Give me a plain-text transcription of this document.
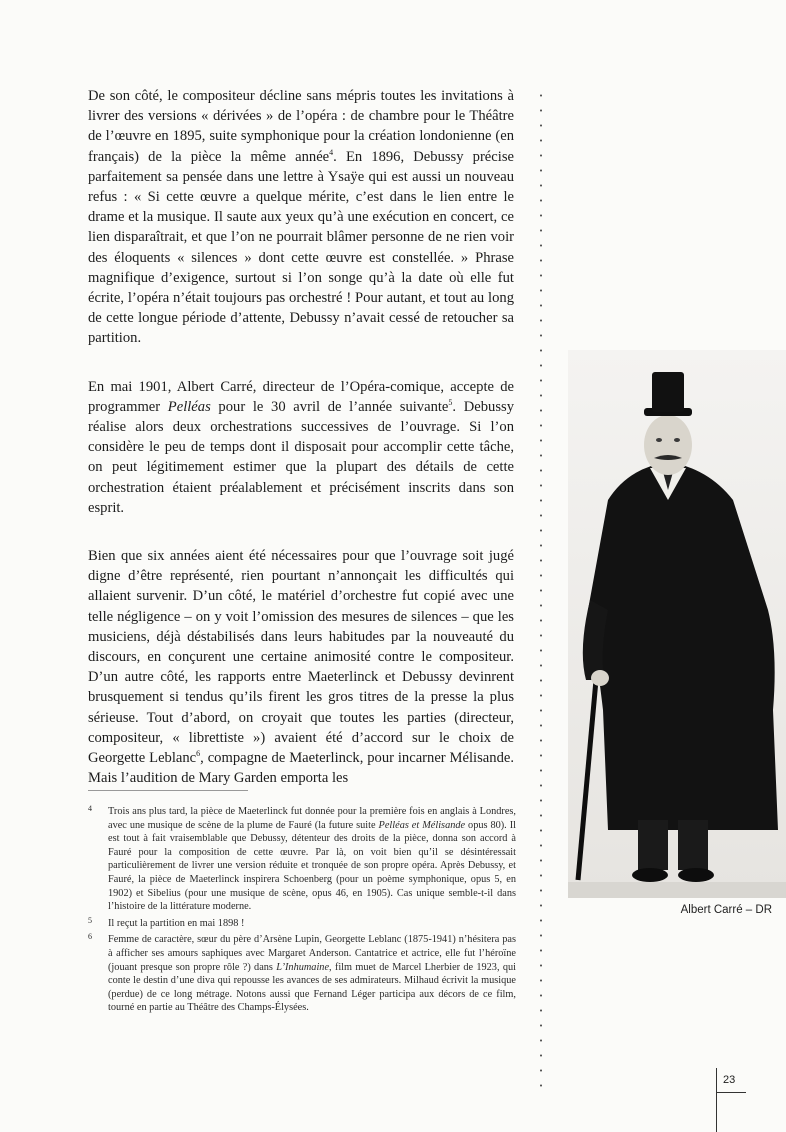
De son côté, le compositeur décline sans mépris toutes les invitations à livrer des versions « dérivées » de l’opéra : de chambre pour le Théâtre de l’œuvre en 1895, suite symphonique pour la création londonienne (en français) de la pièce la même année$^4$. En 1896, Debussy précise parfaitement sa pensée dans une lettre à Ysaÿe qui est aussi un nouveau refus : « Si cette œuvre a quelque mérite, c’est dans le lien entre le drame et la musique. Il saute aux yeux qu’à une exécution en concert, ce lien disparaîtrait, et que l’on ne pourrait blâmer personne de ne rien voir des éloquents « silences » dont cette œuvre est constellée. » Phrase magnifique d’exigence, surtout si l’on songe qu’à la date où elle fut écrite, l’opéra n’était toujours pas orchestré ! Pour autant, et tout au long de cette longue période d’attente, Debussy n’avait cessé de retoucher sa partition.

En mai 1901, Albert Carré, directeur de l’Opéra-comique, accepte de programmer Pelléas pour le 30 avril de l’année suivante$^5$. Debussy réalise alors deux orchestrations successives de l’ouvrage. Si l’on considère le peu de temps dont il disposait pour accomplir cette tâche, on peut légitimement estimer que la plupart des détails de cette orchestration étaient préalablement et précisément inscrits dans son esprit.

Bien que six années aient été nécessaires pour que l’ouvrage soit jugé digne d’être représenté, rien pourtant n’annonçait les difficultés qui allaient survenir. D’un côté, le matériel d’orchestre fut copié avec une telle négligence – on y voit l’omission des mesures de silences – que les musiciens, déjà déstabilisés dans leurs habitudes par la nouveauté du discours, en conçurent une certaine animosité contre le compositeur. D’un autre côté, les rapports entre Maeterlinck et Debussy devinrent brusquement si tendus qu’ils firent les gros titres de la presse la plus sérieuse. Tout d’abord, on croyait que toutes les parties (directeur, compositeur, « librettiste ») avaient été d’accord sur le choix de Georgette Leblanc$^6$, compagne de Maeterlinck, pour incarner Mélisande. Mais l’audition de Mary Garden emporta les

Albert Carré – DR
4 Trois ans plus tard, la pièce de Maeterlinck fut donnée pour la première fois en anglais à Londres, avec une musique de scène de la plume de Fauré (la future suite Pelléas et Mélisande opus 80). Il est tout à fait vraisemblable que Debussy, détenteur des droits de la pièce, donna son accord à Fauré pour la composition de cette œuvre. Par là, on voit bien qu’il se désintéressait particulièrement de livrer une version réduite et tronquée de son propre opéra. Après Debussy, et Fauré, la pièce de Maeterlinck inspirera Schoenberg (pour un poème symphonique, opus 5, en 1902) et Sibelius (pour une musique de scène, opus 46, en 1905). Cas unique semble-t-il dans l’histoire de la littérature moderne.
5 Il reçut la partition en mai 1898 !
6 Femme de caractère, sœur du père d’Arsène Lupin, Georgette Leblanc (1875-1941) n’hésitera pas à afficher ses amours saphiques avec Margaret Anderson. Cantatrice et actrice, elle fut l’héroïne (jouant presque son propre rôle ?) dans L’Inhumaine, film muet de Marcel Lherbier de 1923, qui conte le destin d’une diva qui repousse les avances de ses admirateurs. Milhaud écrivit la musique (perdue) de ce long métrage. Notons aussi que Fernand Léger participa aux décors de ce film, tourné en partie au Théâtre des Champs-Élysées.
23
